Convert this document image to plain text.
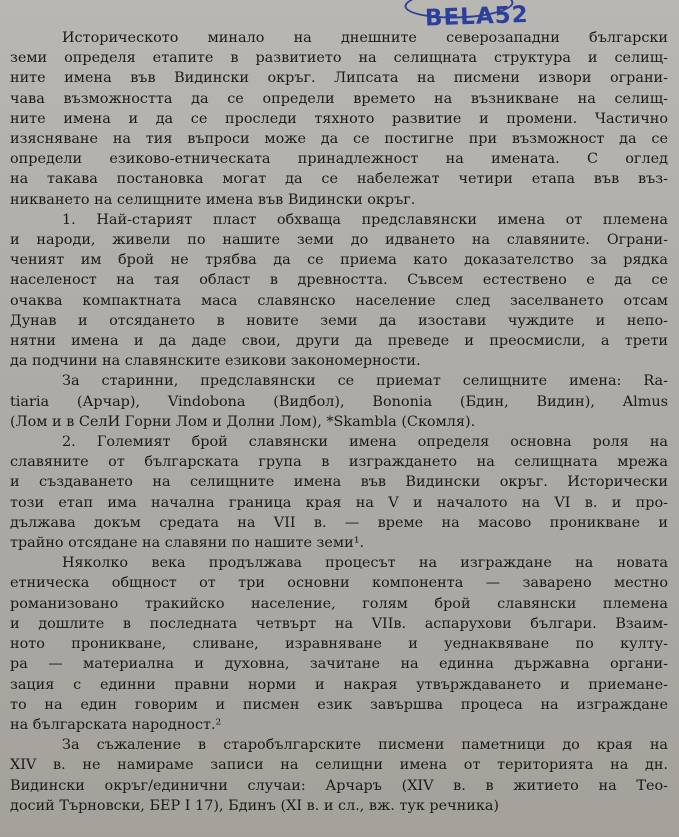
BELA52

Историческото минало на днешните северозападни български

земи определя етапите в развитието на селищната структура и селищ-

ните имена във Видински окръг. Липсата на писмени извори ограни-

чава възможността да се определи времето на възникване на селищ-

ните имена и да се проследи тяхното развитие и промени. Частично

изясняване на тия въпроси може да се постигне при възможност да се

определи езиково-етническата принадлежност на имената. С оглед

на такава постановка могат да се набележат четири етапа във въз-

никването на селищните имена във Видински окръг.

1. Най-старият пласт обхваща предславянски имена от племена

и народи, живели по нашите земи до идването на славяните. Ограни-

ченият им брой не трябва да се приема като доказателство за рядка

населеност на тая област в древността. Съвсем естествено е да се

очаква компактната маса славянско население след заселването отсам

Дунав и отсядането в новите земи да изостави чуждите и непо-

нятни имена и да даде свои, други да преведе и преосмисли, а трети

да подчини на славянските езикови закономерности.

За старинни, предславянски се приемат селищните имена: Ra-

tiaria (Арчар), Vindobona (Видбол), Bononia (Бдин, Видин), Almus

(Лом и в СелИ Горни Лом и Долни Лом), *Skambla (Скомля).

2. Големият брой славянски имена определя основна роля на

славяните от българската група в изграждането на селищната мрежа

и създаването на селищните имена във Видински окръг. Исторически

този етап има начална граница края на V и началото на VI в. и про-

дължава докъм средата на VII в. — време на масово проникване и

трайно отсядане на славяни по нашите земи¹.

Няколко века продължава процесът на изграждане на новата

етническа общност от три основни компонента — заварено местно

романизовано тракийско население, голям брой славянски племена

и дошлите в последната четвърт на VIIв. аспарухови българи. Взаим-

ното проникване, сливане, изравняване и уеднаквяване по култу-

ра — материална и духовна, зачитане на единна държавна органи-

зация с единни правни норми и накрая утвърждаването и приемане-

то на един говорим и писмен език завършва процеса на изграждане

на българската народност.²

За съжаление в старобългарските писмени паметници до края на

XIV в. не намираме записи на селищни имена от територията на дн.

Видински окръг/единични случаи: Арчаръ (XIV в. в житието на Тео-

досий Търновски, БЕР I 17), Бдинъ (XI в. и сл., вж. тук речника)
